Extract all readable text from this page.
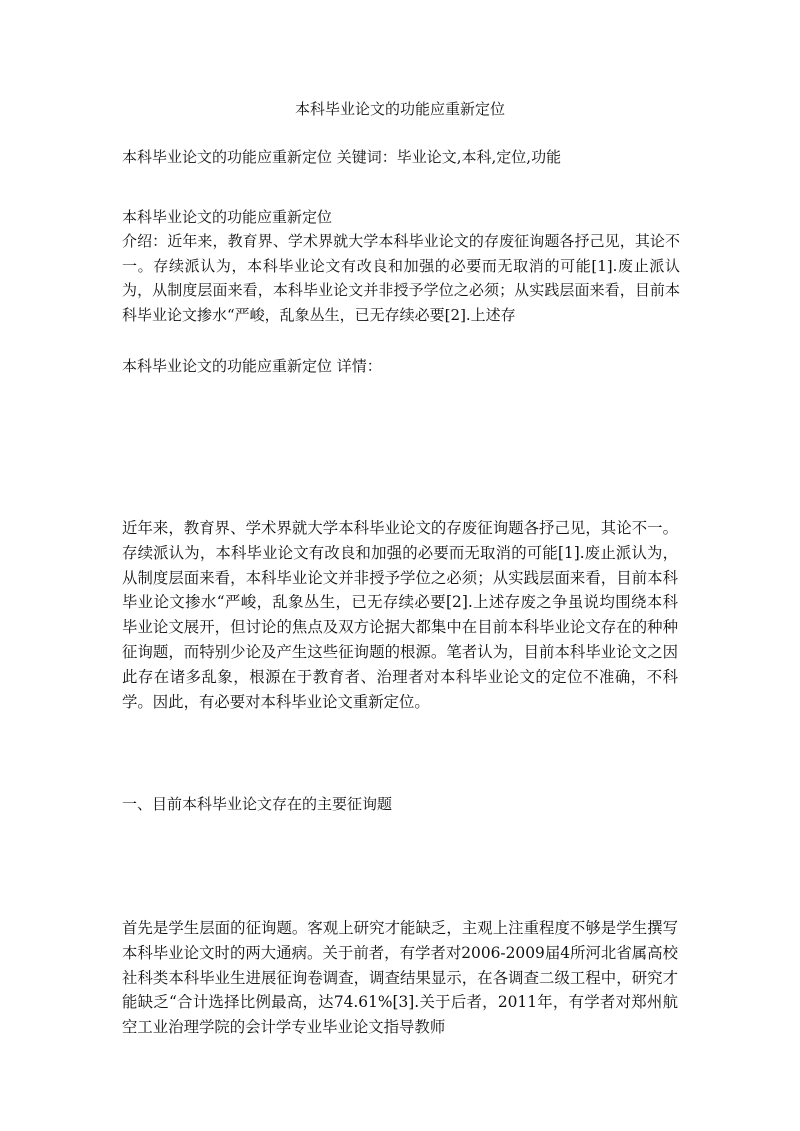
本科毕业论文的功能应重新定位
本科毕业论文的功能应重新定位 关键词：毕业论文,本科,定位,功能
本科毕业论文的功能应重新定位
介绍：近年来，教育界、学术界就大学本科毕业论文的存废征询题各抒己见，其论不一。存续派认为，本科毕业论文有改良和加强的必要而无取消的可能[1].废止派认为，从制度层面来看，本科毕业论文并非授予学位之必须；从实践层面来看，目前本科毕业论文掺水“严峻，乱象丛生，已无存续必要[2].上述存
本科毕业论文的功能应重新定位 详情：
近年来，教育界、学术界就大学本科毕业论文的存废征询题各抒己见，其论不一。存续派认为，本科毕业论文有改良和加强的必要而无取消的可能[1].废止派认为，从制度层面来看，本科毕业论文并非授予学位之必须；从实践层面来看，目前本科毕业论文掺水“严峻，乱象丛生，已无存续必要[2].上述存废之争虽说均围绕本科毕业论文展开，但讨论的焦点及双方论据大都集中在目前本科毕业论文存在的种种征询题，而特别少论及产生这些征询题的根源。笔者认为，目前本科毕业论文之因此存在诸多乱象，根源在于教育者、治理者对本科毕业论文的定位不准确，不科学。因此，有必要对本科毕业论文重新定位。
一、目前本科毕业论文存在的主要征询题
首先是学生层面的征询题。客观上研究才能缺乏，主观上注重程度不够是学生撰写本科毕业论文时的两大通病。关于前者，有学者对2006-2009届4所河北省属高校社科类本科毕业生进展征询卷调查，调查结果显示，在各调查二级工程中，研究才能缺乏“合计选择比例最高，达74.61%[3].关于后者，2011年，有学者对郑州航空工业治理学院的会计学专业毕业论文指导教师
